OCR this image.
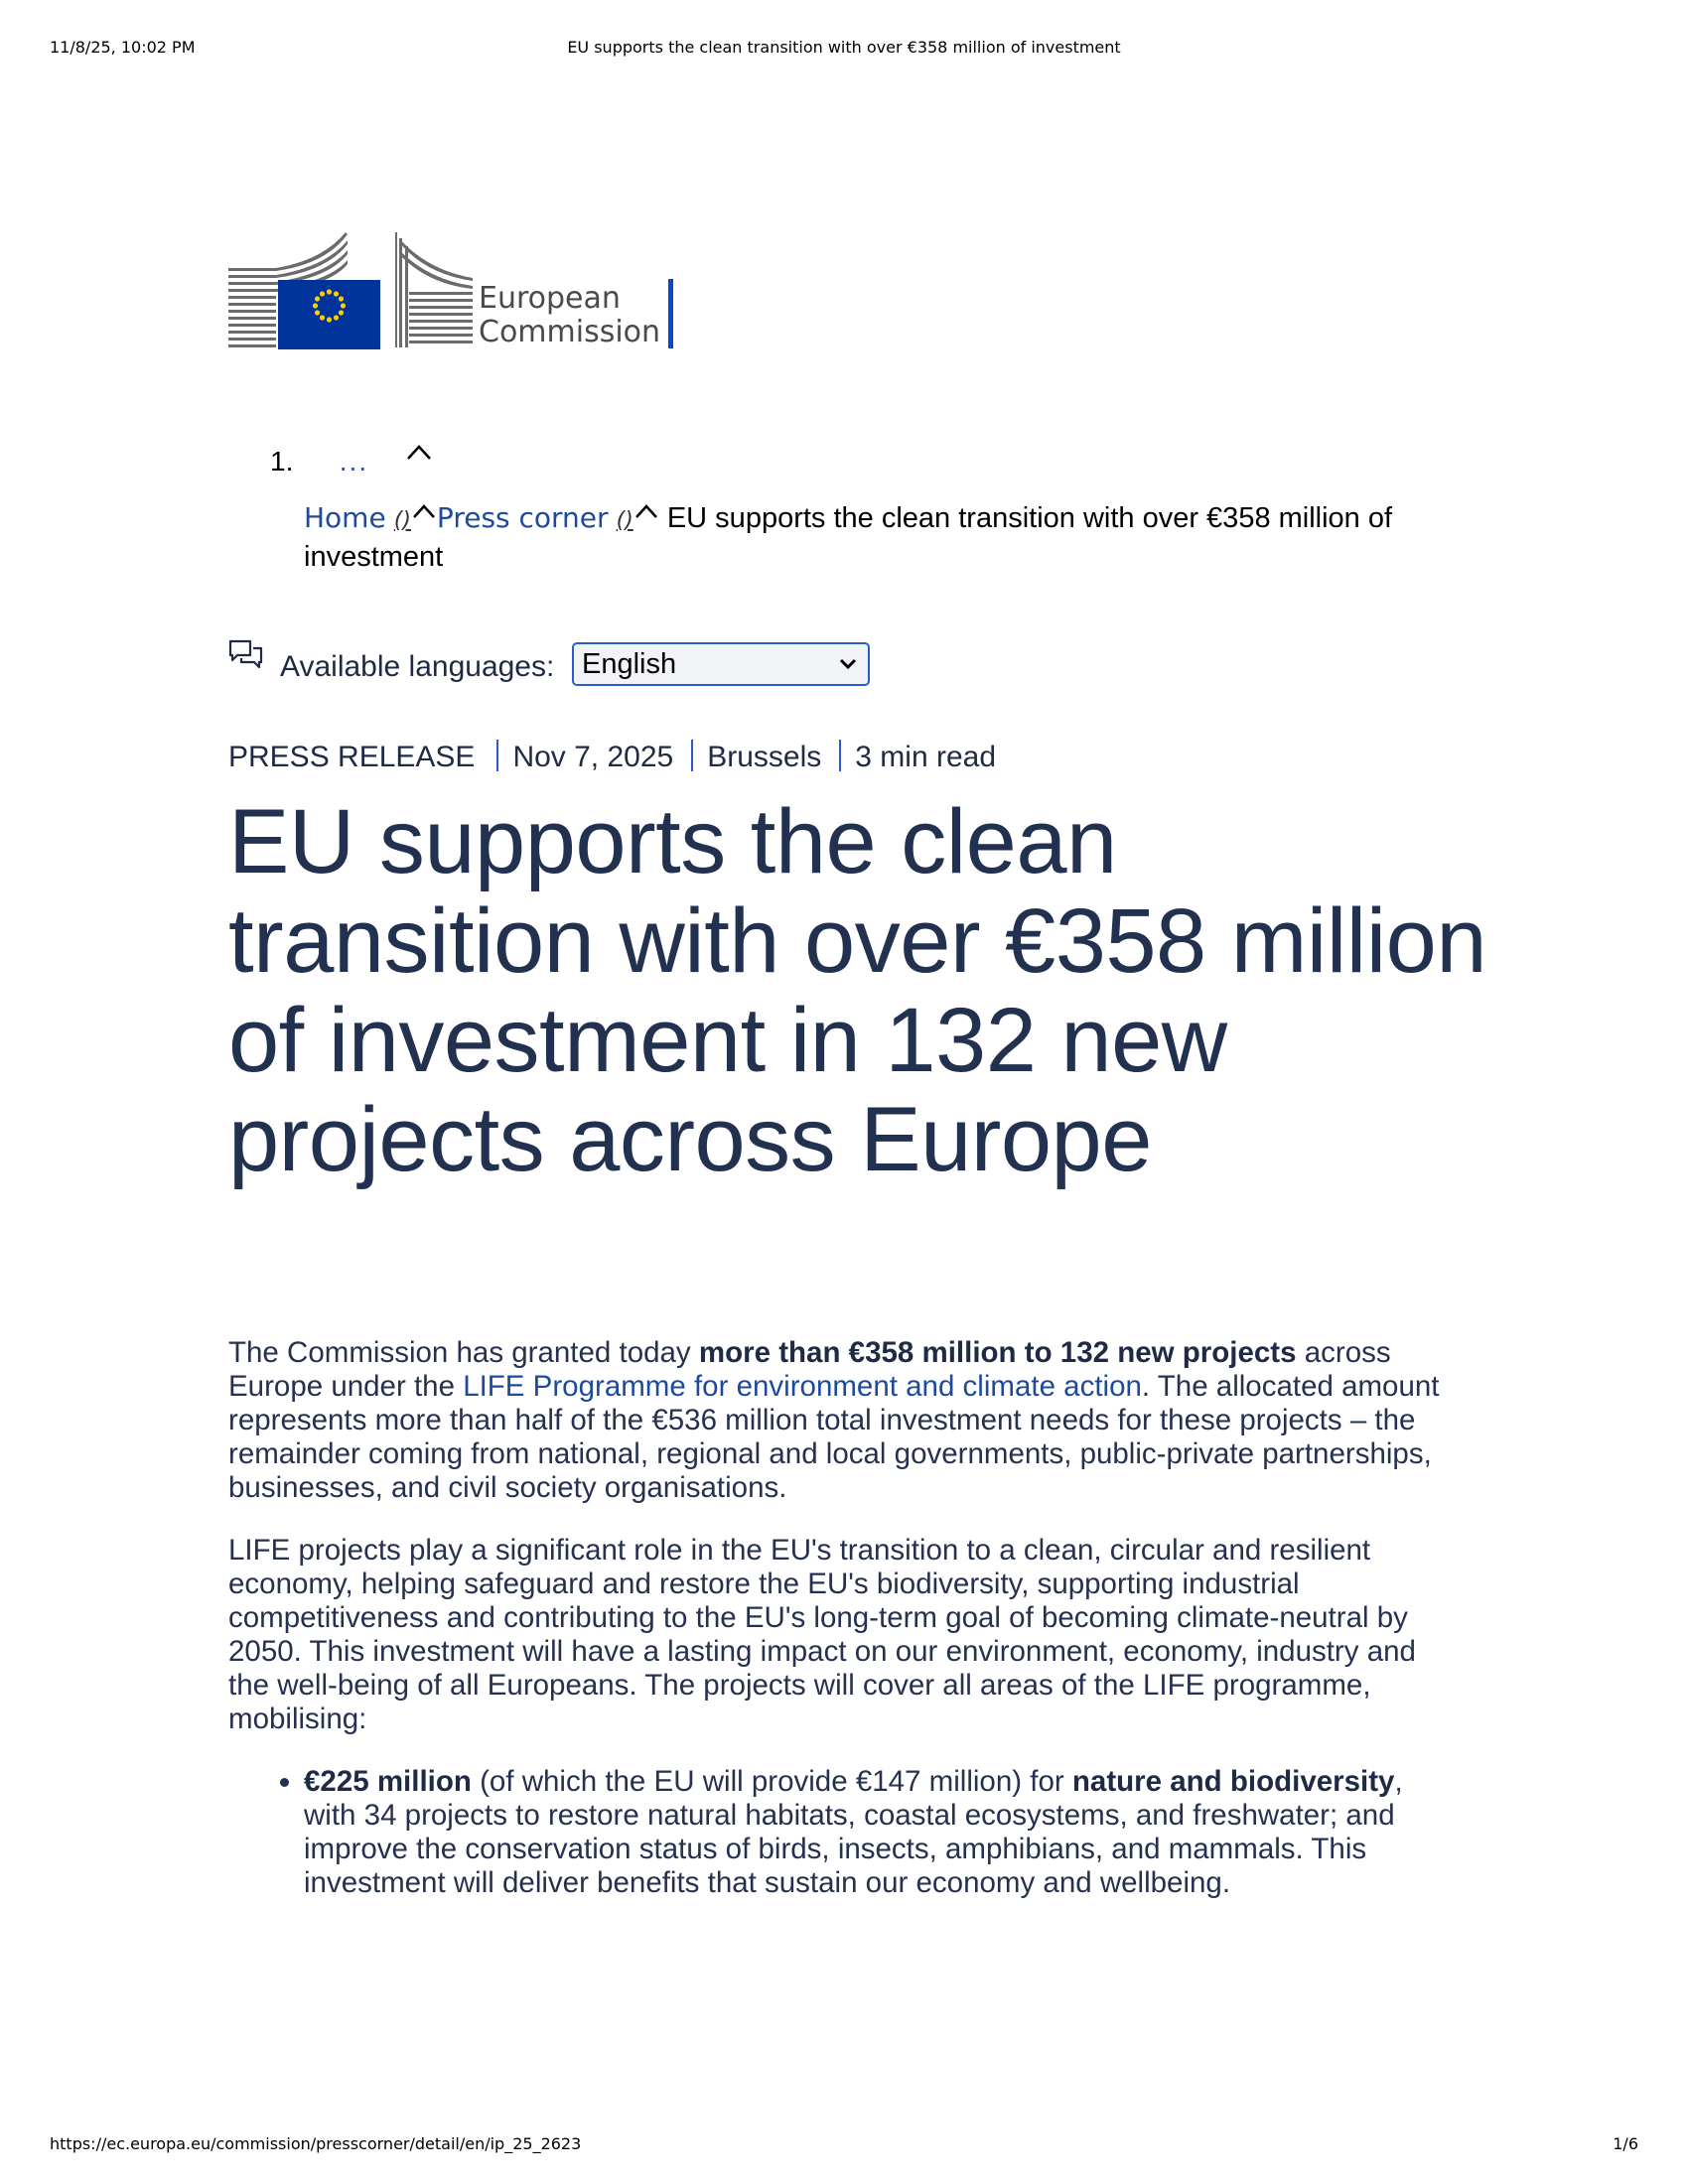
11/8/25, 10:02 PM	EU supports the clean transition with over €358 million of investment
European
Commission
1. ...
Home () Press corner () EU supports the clean transition with over €358 million of investment
Available languages: English
PRESS RELEASE Nov 7, 2025 Brussels 3 min read
EU supports the clean transition with over €358 million of investment in 132 new projects across Europe

The Commission has granted today more than €358 million to 132 new projects across Europe under the LIFE Programme for environment and climate action. The allocated amount represents more than half of the €536 million total investment needs for these projects – the remainder coming from national, regional and local governments, public-private partnerships, businesses, and civil society organisations.

LIFE projects play a significant role in the EU's transition to a clean, circular and resilient economy, helping safeguard and restore the EU's biodiversity, supporting industrial competitiveness and contributing to the EU's long-term goal of becoming climate-neutral by 2050. This investment will have a lasting impact on our environment, economy, industry and the well-being of all Europeans. The projects will cover all areas of the LIFE programme, mobilising:

• €225 million (of which the EU will provide €147 million) for nature and biodiversity, with 34 projects to restore natural habitats, coastal ecosystems, and freshwater; and improve the conservation status of birds, insects, amphibians, and mammals. This investment will deliver benefits that sustain our economy and wellbeing.
https://ec.europa.eu/commission/presscorner/detail/en/ip_25_2623	1/6
